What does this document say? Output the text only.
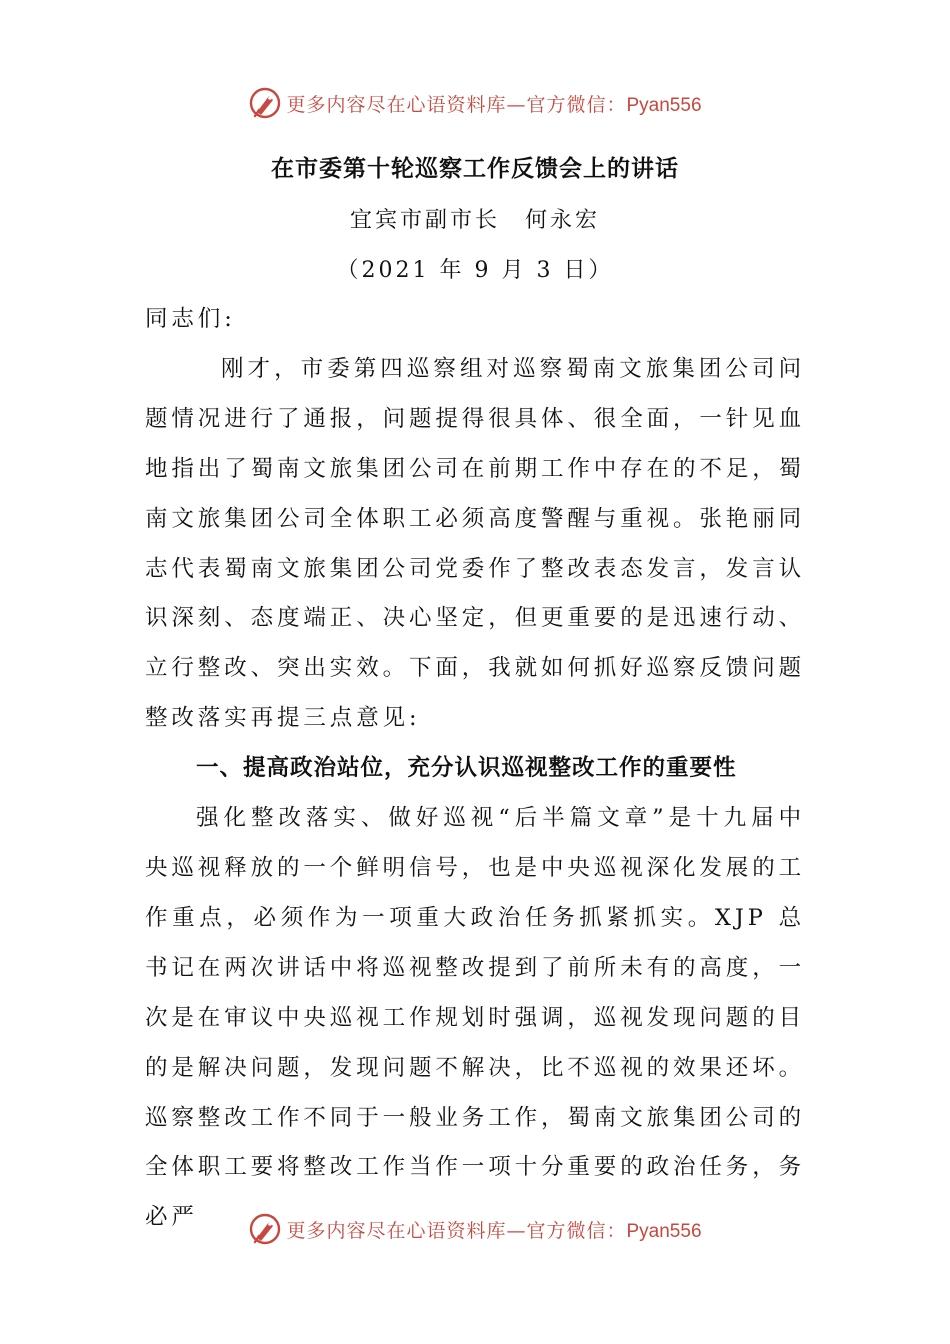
更多内容尽在心语资料库—官方微信：Pyan556
在市委第十轮巡察工作反馈会上的讲话
宜宾市副市长　何永宏
（2021 年 9 月 3 日）

同志们:

刚才，市委第四巡察组对巡察蜀南文旅集团公司问题情况进行了通报，问题提得很具体、很全面，一针见血地指出了蜀南文旅集团公司在前期工作中存在的不足，蜀南文旅集团公司全体职工必须高度警醒与重视。张艳丽同志代表蜀南文旅集团公司党委作了整改表态发言，发言认识深刻、态度端正、决心坚定，但更重要的是迅速行动、立行整改、突出实效。下面，我就如何抓好巡察反馈问题整改落实再提三点意见:

一、提高政治站位，充分认识巡视整改工作的重要性

强化整改落实、做好巡视“后半篇文章”是十九届中央巡视释放的一个鲜明信号，也是中央巡视深化发展的工作重点，必须作为一项重大政治任务抓紧抓实。XJP 总书记在两次讲话中将巡视整改提到了前所未有的高度，一次是在审议中央巡视工作规划时强调，巡视发现问题的目的是解决问题，发现问题不解决，比不巡视的效果还坏。巡察整改工作不同于一般业务工作，蜀南文旅集团公司的全体职工要将整改工作当作一项十分重要的政治任务，务必严

更多内容尽在心语资料库—官方微信：Pyan556
